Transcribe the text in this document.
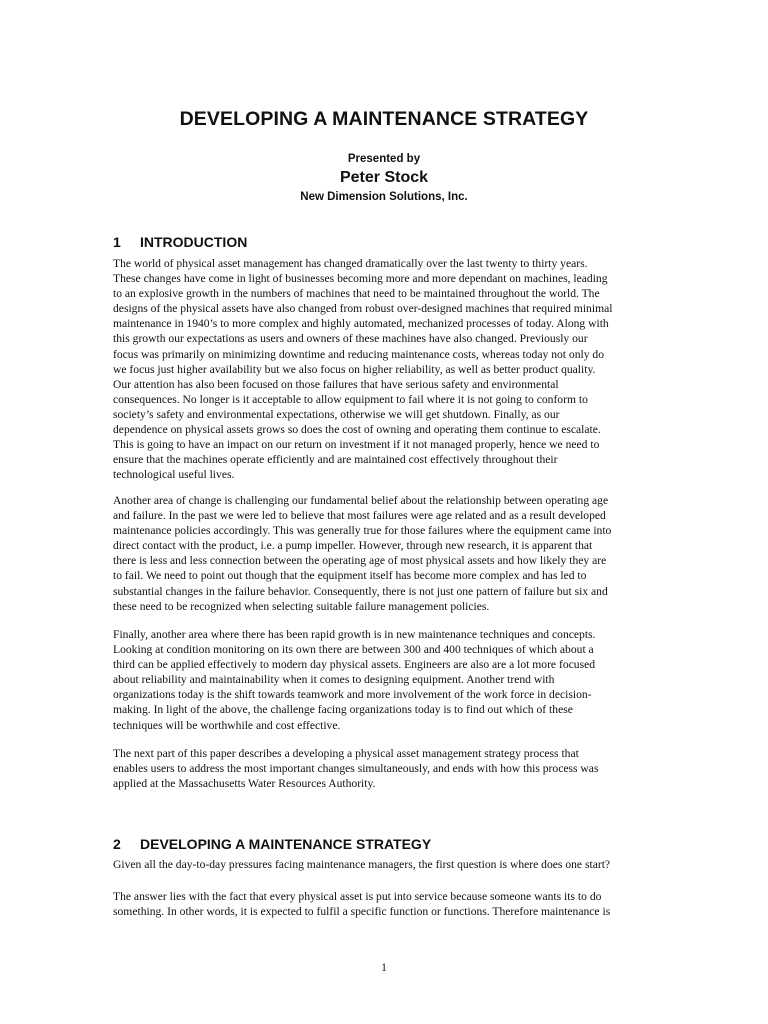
DEVELOPING A MAINTENANCE STRATEGY
Presented by
Peter Stock
New Dimension Solutions, Inc.
1 INTRODUCTION
The world of physical asset management has changed dramatically over the last twenty to thirty years.
These changes have come in light of businesses becoming more and more dependant on machines, leading
to an explosive growth in the numbers of machines that need to be maintained throughout the world. The
designs of the physical assets have also changed from robust over-designed machines that required minimal
maintenance in 1940’s to more complex and highly automated, mechanized processes of today. Along with
this growth our expectations as users and owners of these machines have also changed. Previously our
focus was primarily on minimizing downtime and reducing maintenance costs, whereas today not only do
we focus just higher availability but we also focus on higher reliability, as well as better product quality.
Our attention has also been focused on those failures that have serious safety and environmental
consequences. No longer is it acceptable to allow equipment to fail where it is not going to conform to
society’s safety and environmental expectations, otherwise we will get shutdown. Finally, as our
dependence on physical assets grows so does the cost of owning and operating them continue to escalate.
This is going to have an impact on our return on investment if it not managed properly, hence we need to
ensure that the machines operate efficiently and are maintained cost effectively throughout their
technological useful lives.
Another area of change is challenging our fundamental belief about the relationship between operating age
and failure. In the past we were led to believe that most failures were age related and as a result developed
maintenance policies accordingly. This was generally true for those failures where the equipment came into
direct contact with the product, i.e. a pump impeller. However, through new research, it is apparent that
there is less and less connection between the operating age of most physical assets and how likely they are
to fail. We need to point out though that the equipment itself has become more complex and has led to
substantial changes in the failure behavior. Consequently, there is not just one pattern of failure but six and
these need to be recognized when selecting suitable failure management policies.
Finally, another area where there has been rapid growth is in new maintenance techniques and concepts.
Looking at condition monitoring on its own there are between 300 and 400 techniques of which about a
third can be applied effectively to modern day physical assets. Engineers are also are a lot more focused
about reliability and maintainability when it comes to designing equipment. Another trend with
organizations today is the shift towards teamwork and more involvement of the work force in decision-
making. In light of the above, the challenge facing organizations today is to find out which of these
techniques will be worthwhile and cost effective.
The next part of this paper describes a developing a physical asset management strategy process that
enables users to address the most important changes simultaneously, and ends with how this process was
applied at the Massachusetts Water Resources Authority.
2 DEVELOPING A MAINTENANCE STRATEGY
Given all the day-to-day pressures facing maintenance managers, the first question is where does one start?
The answer lies with the fact that every physical asset is put into service because someone wants its to do
something. In other words, it is expected to fulfil a specific function or functions. Therefore maintenance is
1
